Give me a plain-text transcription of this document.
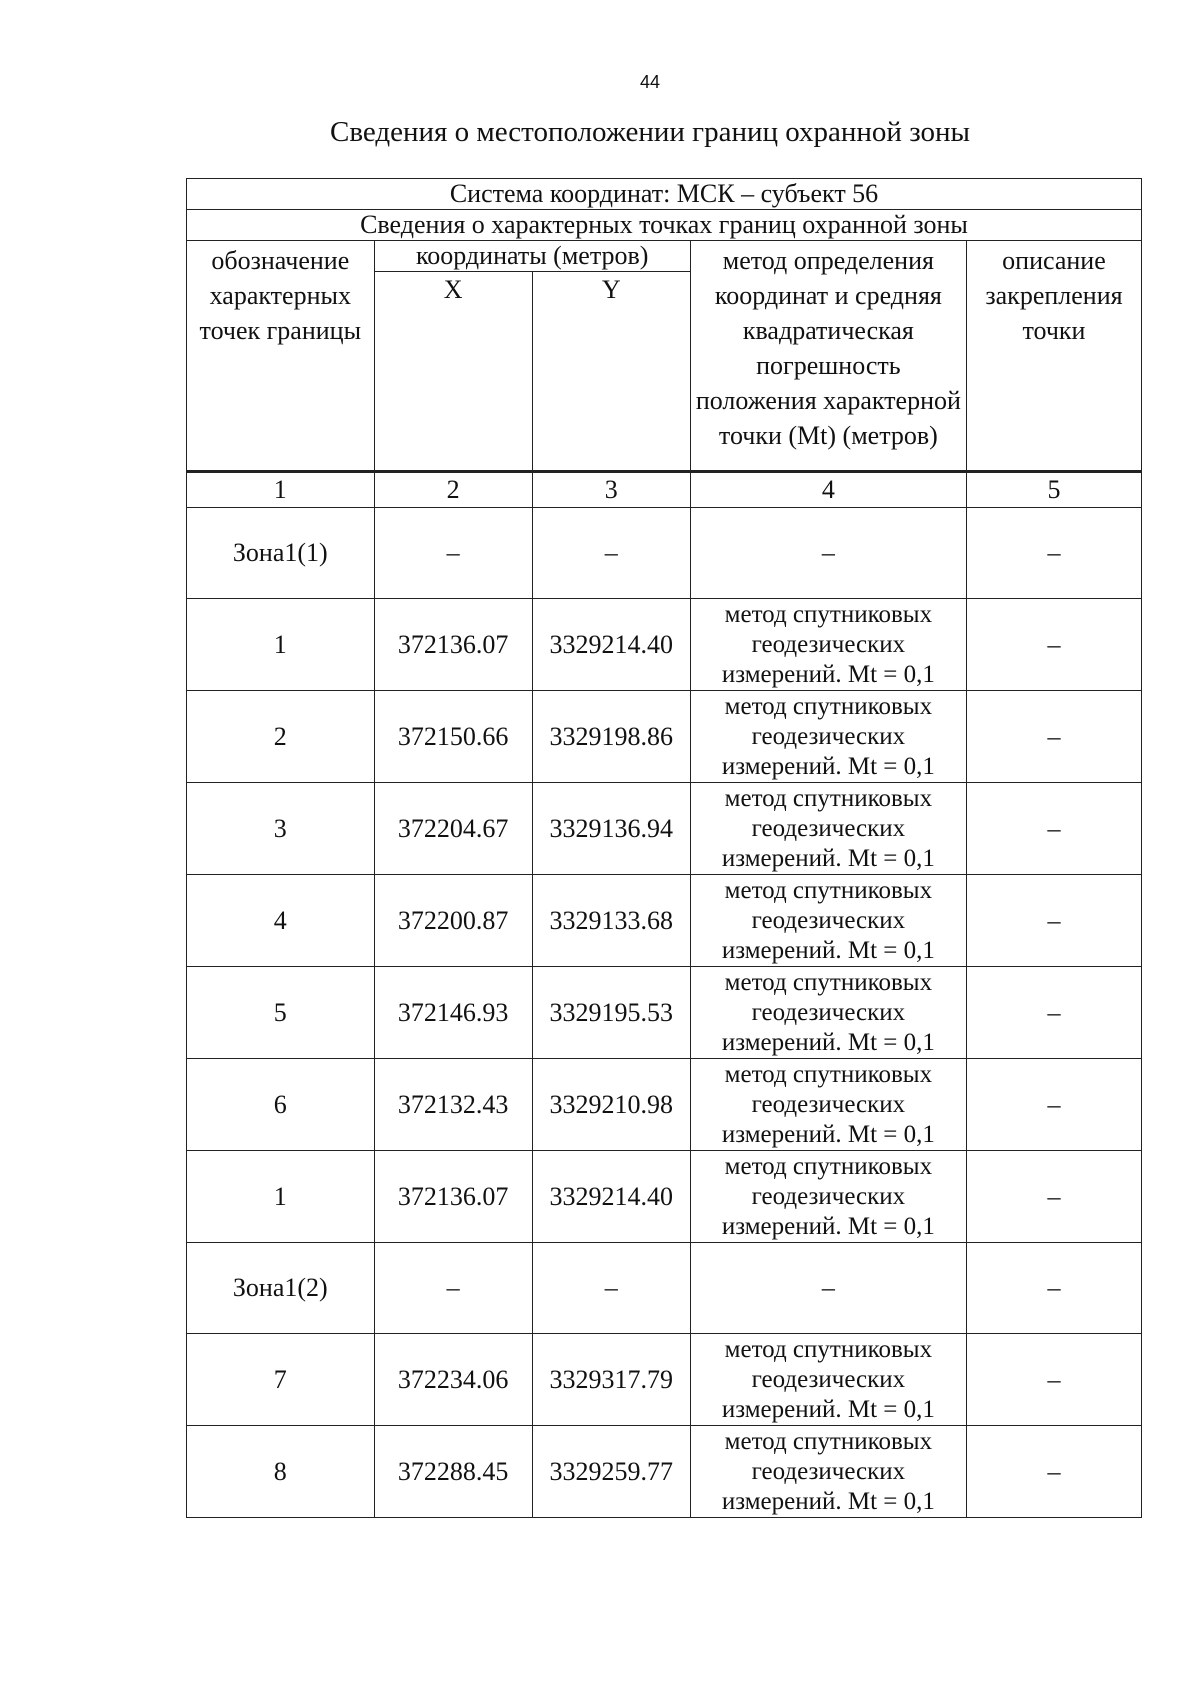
44
Сведения о местоположении границ охранной зоны
Система координат: МСК – субъект 56				
Сведения о характерных точках границ охранной зоны				
обозначение характерных точек границы	координаты (метров)		метод определения координат и средняя квадратическая погрешность положения характерной точки (Mt) (метров)	описание закрепления точки
	X	Y		
1	2	3	4	5
Зона1(1)	–	–	–	–
1	372136.07	3329214.40	метод спутниковых геодезических измерений. Mt = 0,1	–
2	372150.66	3329198.86	метод спутниковых геодезических измерений. Mt = 0,1	–
3	372204.67	3329136.94	метод спутниковых геодезических измерений. Mt = 0,1	–
4	372200.87	3329133.68	метод спутниковых геодезических измерений. Mt = 0,1	–
5	372146.93	3329195.53	метод спутниковых геодезических измерений. Mt = 0,1	–
6	372132.43	3329210.98	метод спутниковых геодезических измерений. Mt = 0,1	–
1	372136.07	3329214.40	метод спутниковых геодезических измерений. Mt = 0,1	–
Зона1(2)	–	–	–	–
7	372234.06	3329317.79	метод спутниковых геодезических измерений. Mt = 0,1	–
8	372288.45	3329259.77	метод спутниковых геодезических измерений. Mt = 0,1	–
